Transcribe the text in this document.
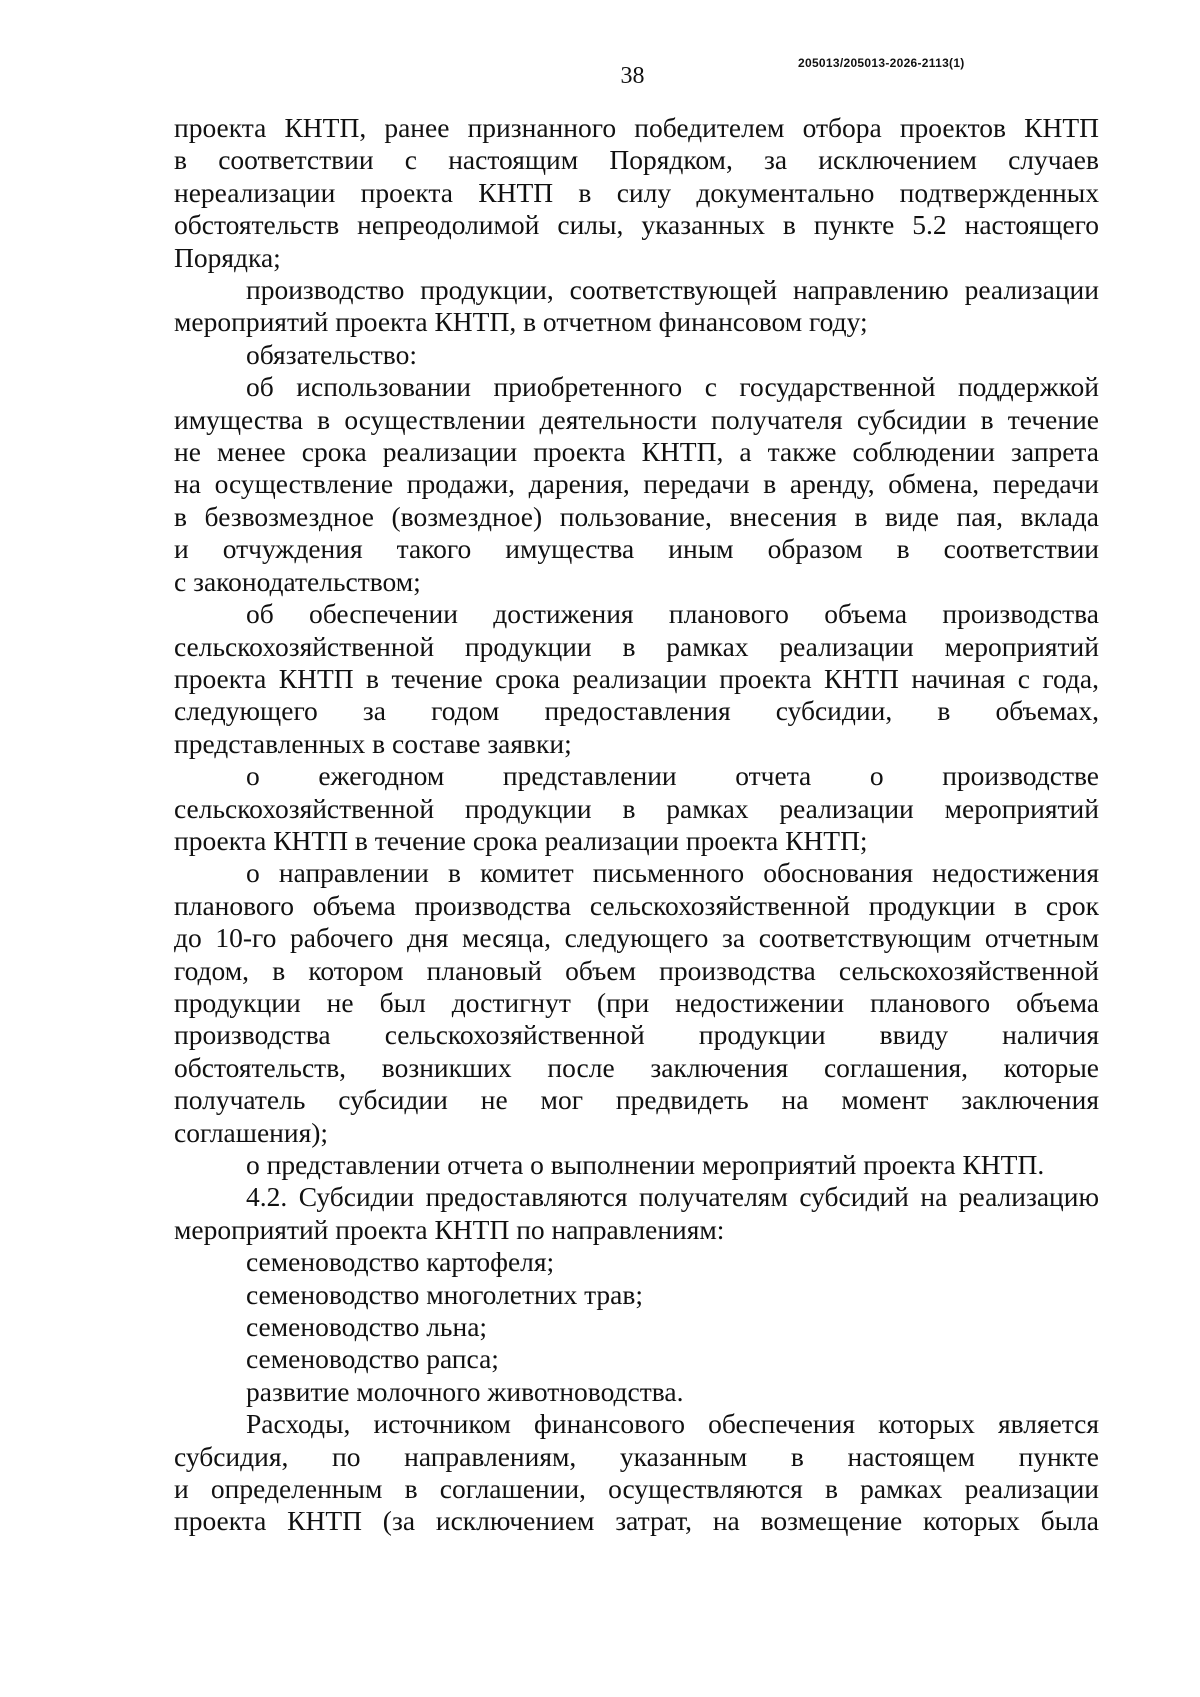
38	205013/205013-2026-2113(1)

проекта КНТП, ранее признанного победителем отбора проектов КНТП

в соответствии с настоящим Порядком, за исключением случаев

нереализации проекта КНТП в силу документально подтвержденных

обстоятельств непреодолимой силы, указанных в пункте 5.2 настоящего

Порядка;

производство продукции, соответствующей направлению реализации

мероприятий проекта КНТП, в отчетном финансовом году;

обязательство:

об использовании приобретенного с государственной поддержкой

имущества в осуществлении деятельности получателя субсидии в течение

не менее срока реализации проекта КНТП, а также соблюдении запрета

на осуществление продажи, дарения, передачи в аренду, обмена, передачи

в безвозмездное (возмездное) пользование, внесения в виде пая, вклада

и отчуждения такого имущества иным образом в соответствии

с законодательством;

об обеспечении достижения планового объема производства

сельскохозяйственной продукции в рамках реализации мероприятий

проекта КНТП в течение срока реализации проекта КНТП начиная с года,

следующего за годом предоставления субсидии, в объемах,

представленных в составе заявки;

о ежегодном представлении отчета о производстве

сельскохозяйственной продукции в рамках реализации мероприятий

проекта КНТП в течение срока реализации проекта КНТП;

о направлении в комитет письменного обоснования недостижения

планового объема производства сельскохозяйственной продукции в срок

до 10-го рабочего дня месяца, следующего за соответствующим отчетным

годом, в котором плановый объем производства сельскохозяйственной

продукции не был достигнут (при недостижении планового объема

производства сельскохозяйственной продукции ввиду наличия

обстоятельств, возникших после заключения соглашения, которые

получатель субсидии не мог предвидеть на момент заключения

соглашения);

о представлении отчета о выполнении мероприятий проекта КНТП.

4.2. Субсидии предоставляются получателям субсидий на реализацию

мероприятий проекта КНТП по направлениям:

семеноводство картофеля;

семеноводство многолетних трав;

семеноводство льна;

семеноводство рапса;

развитие молочного животноводства.

Расходы, источником финансового обеспечения которых является

субсидия, по направлениям, указанным в настоящем пункте

и определенным в соглашении, осуществляются в рамках реализации

проекта КНТП (за исключением затрат, на возмещение которых была
